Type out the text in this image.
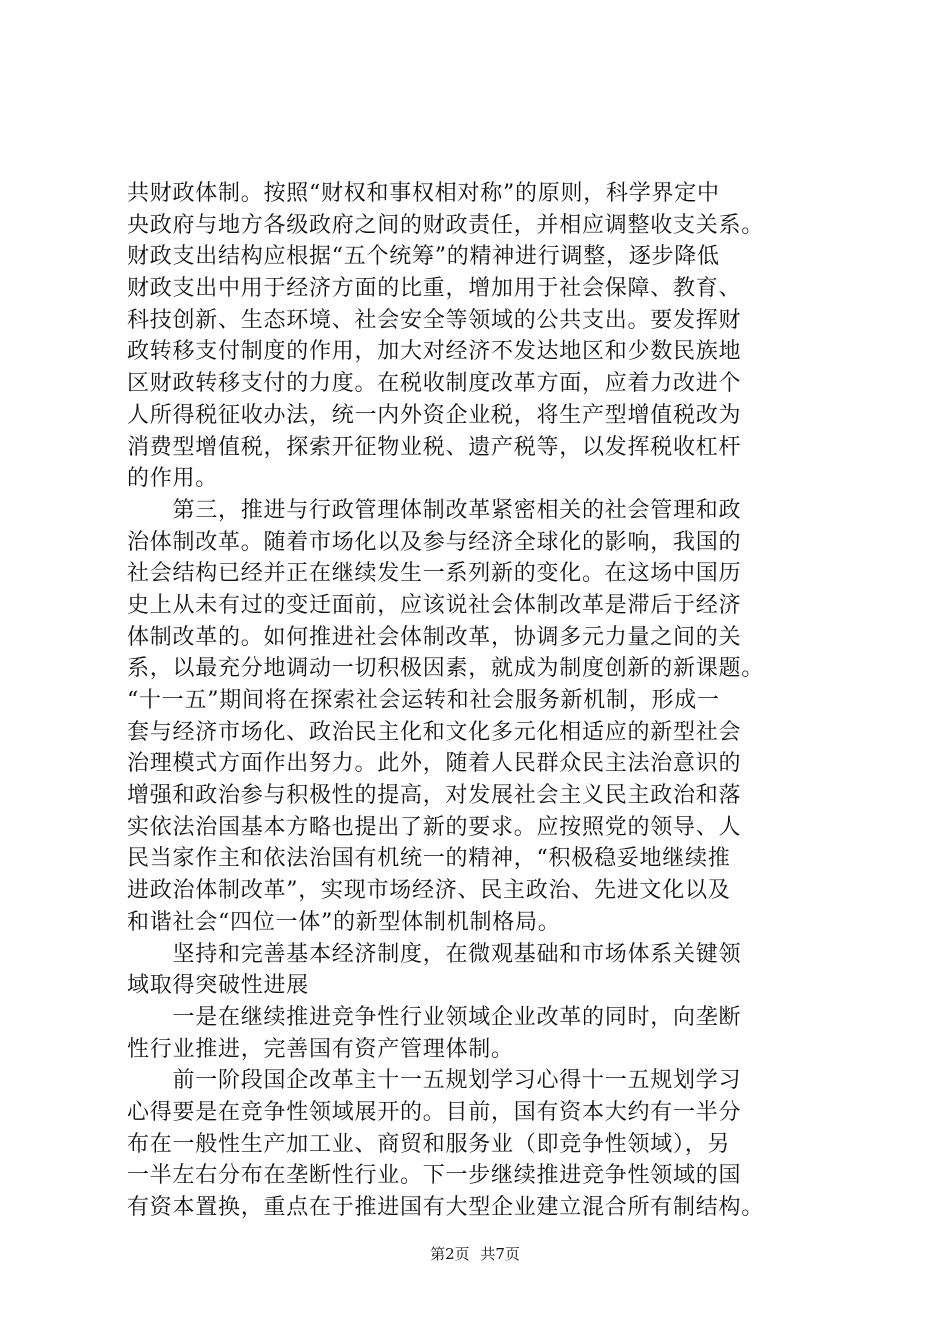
共财政体制。按照“财权和事权相对称”的原则，科学界定中
央政府与地方各级政府之间的财政责任，并相应调整收支关系。
财政支出结构应根据“五个统筹”的精神进行调整，逐步降低
财政支出中用于经济方面的比重，增加用于社会保障、教育、
科技创新、生态环境、社会安全等领域的公共支出。要发挥财
政转移支付制度的作用，加大对经济不发达地区和少数民族地
区财政转移支付的力度。在税收制度改革方面，应着力改进个
人所得税征收办法，统一内外资企业税，将生产型增值税改为
消费型增值税，探索开征物业税、遗产税等，以发挥税收杠杆
的作用。
　　第三，推进与行政管理体制改革紧密相关的社会管理和政
治体制改革。随着市场化以及参与经济全球化的影响，我国的
社会结构已经并正在继续发生一系列新的变化。在这场中国历
史上从未有过的变迁面前，应该说社会体制改革是滞后于经济
体制改革的。如何推进社会体制改革，协调多元力量之间的关
系，以最充分地调动一切积极因素，就成为制度创新的新课题。
“十一五”期间将在探索社会运转和社会服务新机制，形成一
套与经济市场化、政治民主化和文化多元化相适应的新型社会
治理模式方面作出努力。此外，随着人民群众民主法治意识的
增强和政治参与积极性的提高，对发展社会主义民主政治和落
实依法治国基本方略也提出了新的要求。应按照党的领导、人
民当家作主和依法治国有机统一的精神，“积极稳妥地继续推
进政治体制改革”，实现市场经济、民主政治、先进文化以及
和谐社会“四位一体”的新型体制机制格局。
　　坚持和完善基本经济制度，在微观基础和市场体系关键领
域取得突破性进展
　　一是在继续推进竞争性行业领域企业改革的同时，向垄断
性行业推进，完善国有资产管理体制。
　　前一阶段国企改革主十一五规划学习心得十一五规划学习
心得要是在竞争性领域展开的。目前，国有资本大约有一半分
布在一般性生产加工业、商贸和服务业（即竞争性领域），另
一半左右分布在垄断性行业。下一步继续推进竞争性领域的国
有资本置换，重点在于推进国有大型企业建立混合所有制结构。
第2页 共7页
